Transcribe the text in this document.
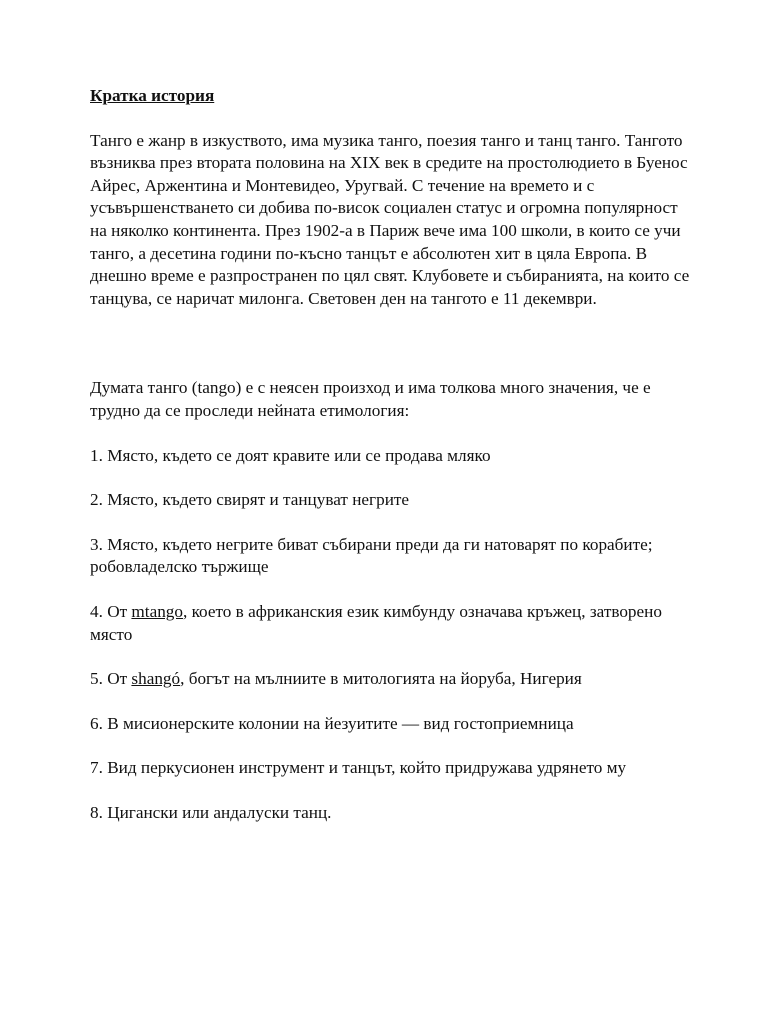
Кратка история

Танго е жанр в изкуството, има музика танго, поезия танго и танц танго. Тангото възниква през втората половина на XIX век в средите на простолюдието в Буенос Айрес, Аржентина и Монтевидео, Уругвай. С течение на времето и с усъвършенстването си добива по-висок социален статус и огромна популярност на няколко континента. През 1902-а в Париж вече има 100 школи, в които се учи танго, а десетина години по-късно танцът е абсолютен хит в цяла Европа. В днешно време е разпространен по цял свят. Клубовете и събиранията, на които се танцува, се наричат милонга. Световен ден на тангото е 11 декември.

Думата танго (tango) е с неясен произход и има толкова много значения, че е трудно да се проследи нейната етимология:

1. Място, където се доят кравите или се продава мляко

2. Място, където свирят и танцуват негрите

3. Място, където негрите биват събирани преди да ги натоварят по корабите; робовладелско тържище

4. От mtango, което в африканския език кимбунду означава кръжец, затворено място

5. От shangó, богът на мълниите в митологията на йоруба, Нигерия

6. В мисионерските колонии на йезуитите — вид гостоприемница

7. Вид перкусионен инструмент и танцът, който придружава удрянето му

8. Цигански или андалуски танц.
